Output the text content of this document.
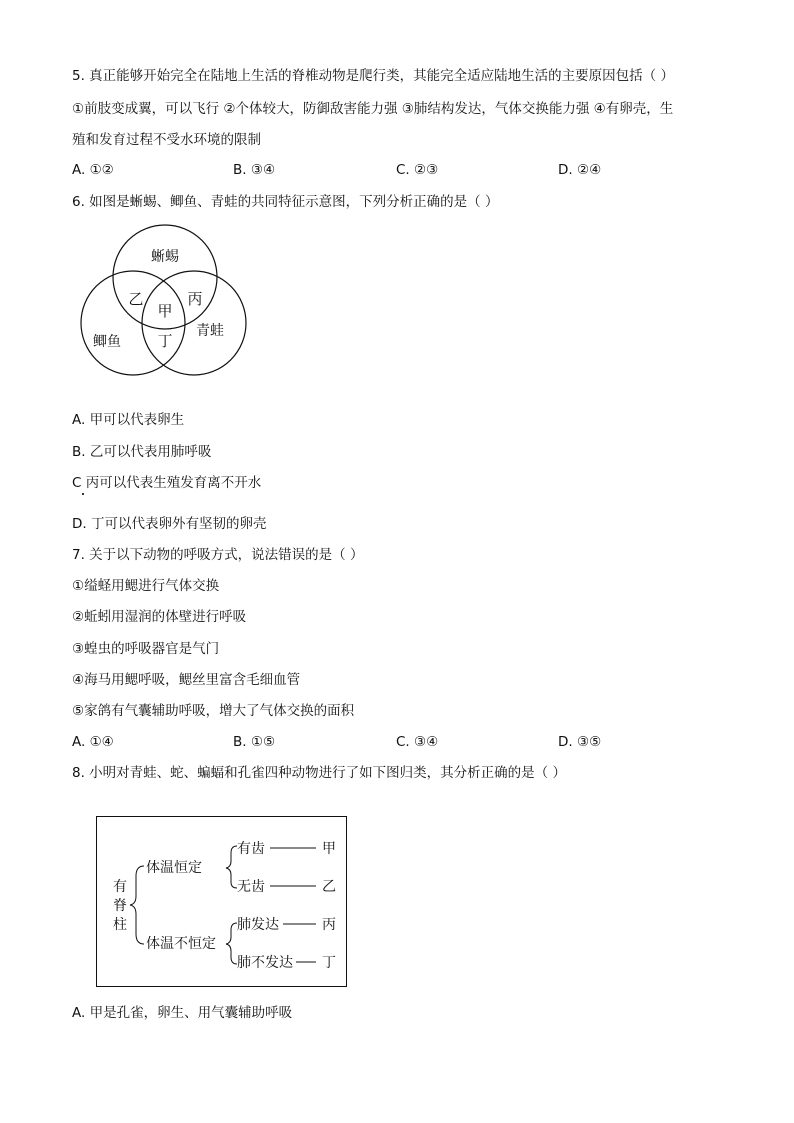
5. 真正能够开始完全在陆地上生活的脊椎动物是爬行类，其能完全适应陆地生活的主要原因包括（ ）
①前肢变成翼，可以飞行 ②个体较大，防御敌害能力强 ③肺结构发达，气体交换能力强 ④有卵壳，生
殖和发育过程不受水环境的限制
A. ①②	B. ③④	C. ②③	D. ②④
6. 如图是蜥蜴、鲫鱼、青蛙的共同特征示意图，下列分析正确的是（ ）
蜥蜴
鲫鱼
青蛙
乙	丙
甲
丁
A. 甲可以代表卵生
B. 乙可以代表用肺呼吸
C 丙可以代表生殖发育离不开水
D. 丁可以代表卵外有坚韧的卵壳
7. 关于以下动物的呼吸方式，说法错误的是（ ）
①缢蛏用鳃进行气体交换
②蚯蚓用湿润的体壁进行呼吸
③蝗虫的呼吸器官是气门
④海马用鳃呼吸，鳃丝里富含毛细血管
⑤家鸽有气囊辅助呼吸，增大了气体交换的面积
A. ①④	B. ①⑤	C. ③④	D. ③⑤
8. 小明对青蛙、蛇、蝙蝠和孔雀四种动物进行了如下图归类，其分析正确的是（ ）
有
脊
柱
体温恒定
体温不恒定
有齿
无齿
甲
乙
肺发达
肺不发达
丙
丁
A. 甲是孔雀，卵生、用气囊辅助呼吸
